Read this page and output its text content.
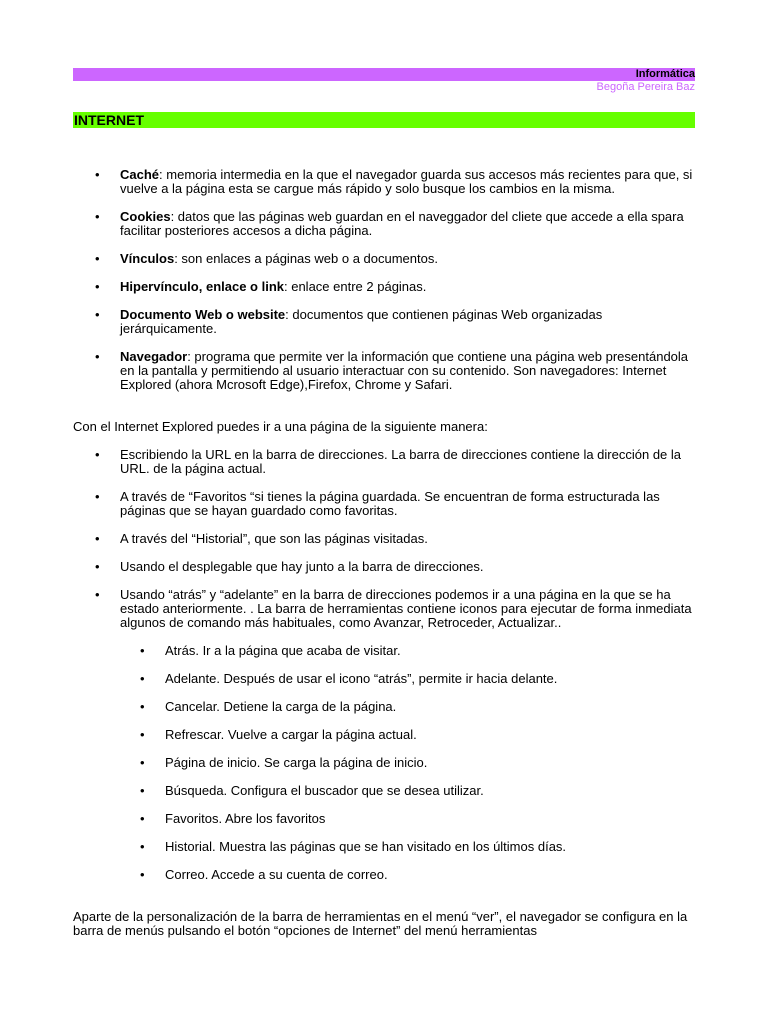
Informática
Begoña Pereira Baz
INTERNET
• Caché: memoria intermedia en la que el navegador guarda sus accesos más recientes para que, si vuelve a la página esta se cargue más rápido y solo busque los cambios en la misma.
• Cookies: datos que las páginas web guardan en el naveggador del cliete que accede a ella spara facilitar posteriores accesos a dicha página.
• Vínculos: son enlaces a páginas web o a documentos.
• Hipervínculo, enlace o link: enlace entre 2 páginas.
• Documento Web o website: documentos que contienen páginas Web organizadas jerárquicamente.
• Navegador: programa que permite ver la información que contiene una página web presentándola en la pantalla y permitiendo al usuario interactuar con su contenido. Son navegadores: Internet Explored (ahora Mcrosoft Edge),Firefox, Chrome y Safari.

Con el Internet Explored puedes ir a una página de la siguiente manera:

• Escribiendo la URL en la barra de direcciones. La barra de direcciones contiene la dirección de la URL. de la página actual.
• A través de “Favoritos “si tienes la página guardada. Se encuentran de forma estructurada las páginas que se hayan guardado como favoritas.
• A través del “Historial”, que son las páginas visitadas.
• Usando el desplegable que hay junto a la barra de direcciones.
• Usando “atrás” y “adelante” en la barra de direcciones podemos ir a una página en la que se ha estado anteriormente. . La barra de herramientas contiene iconos para ejecutar de forma inmediata algunos de comando más habituales, como Avanzar, Retroceder, Actualizar..
• Atrás. Ir a la página que acaba de visitar.
• Adelante. Después de usar el icono “atrás”, permite ir hacia delante.
• Cancelar. Detiene la carga de la página.
• Refrescar. Vuelve a cargar la página actual.
• Página de inicio. Se carga la página de inicio.
• Búsqueda. Configura el buscador que se desea utilizar.
• Favoritos. Abre los favoritos
• Historial. Muestra las páginas que se han visitado en los últimos días.
• Correo. Accede a su cuenta de correo.

Aparte de la personalización de la barra de herramientas en el menú “ver”, el navegador se configura en la barra de menús pulsando el botón “opciones de Internet” del menú herramientas
